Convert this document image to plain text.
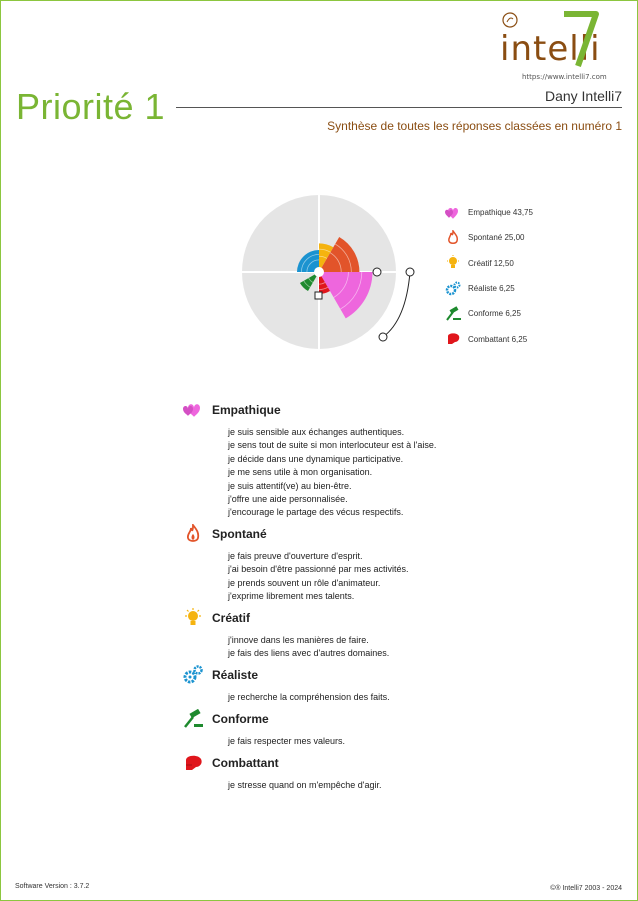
intelli
https://www.intelli7.com
Priorité 1	Dany Intelli7
Synthèse de toutes les réponses classées en numéro 1
Empathique 43,75
Spontané 25,00
Créatif 12,50
Réaliste 6,25
Conforme 6,25
Combattant 6,25
Empathique
je suis sensible aux échanges authentiques.
je sens tout de suite si mon interlocuteur est à l'aise.
je décide dans une dynamique participative.
je me sens utile à mon organisation.
je suis attentif(ve) au bien-être.
j'offre une aide personnalisée.
j'encourage le partage des vécus respectifs.
Spontané
je fais preuve d'ouverture d'esprit.
j'ai besoin d'être passionné par mes activités.
je prends souvent un rôle d'animateur.
j'exprime librement mes talents.
Créatif
j'innove dans les manières de faire.
je fais des liens avec d'autres domaines.
Réaliste
je recherche la compréhension des faits.
Conforme
je fais respecter mes valeurs.
Combattant
je stresse quand on m'empêche d'agir.
Software Version : 3.7.2	©® Intelli7 2003 - 2024
